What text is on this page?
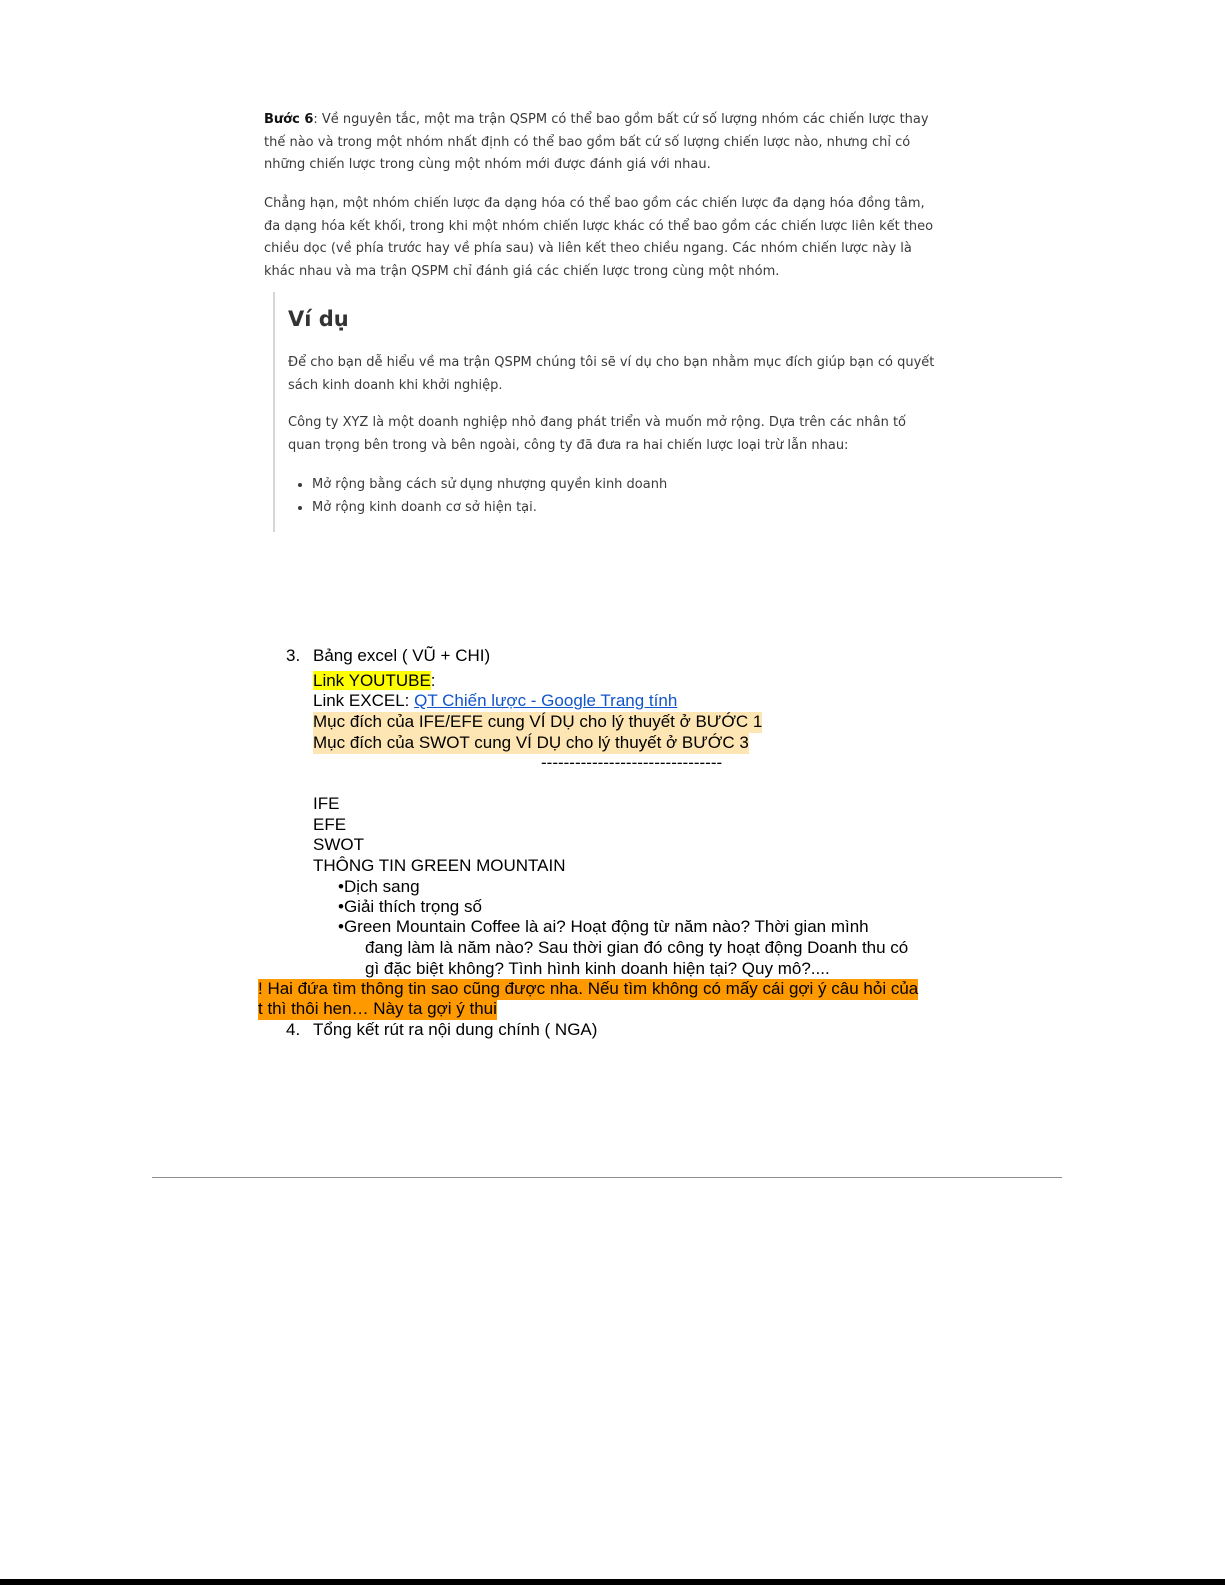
Bước 6: Về nguyên tắc, một ma trận QSPM có thể bao gồm bất cứ số lượng nhóm các chiến lược thay thế nào và trong một nhóm nhất định có thể bao gồm bất cứ số lượng chiến lược nào, nhưng chỉ có những chiến lược trong cùng một nhóm mới được đánh giá với nhau.

Chẳng hạn, một nhóm chiến lược đa dạng hóa có thể bao gồm các chiến lược đa dạng hóa đồng tâm, đa dạng hóa kết khối, trong khi một nhóm chiến lược khác có thể bao gồm các chiến lược liên kết theo chiều dọc (về phía trước hay về phía sau) và liên kết theo chiều ngang. Các nhóm chiến lược này là khác nhau và ma trận QSPM chỉ đánh giá các chiến lược trong cùng một nhóm.

Ví dụ

Để cho bạn dễ hiểu về ma trận QSPM chúng tôi sẽ ví dụ cho bạn nhằm mục đích giúp bạn có quyết sách kinh doanh khi khởi nghiệp.

Công ty XYZ là một doanh nghiệp nhỏ đang phát triển và muốn mở rộng. Dựa trên các nhân tố quan trọng bên trong và bên ngoài, công ty đã đưa ra hai chiến lược loại trừ lẫn nhau:

• Mở rộng bằng cách sử dụng nhượng quyền kinh doanh
• Mở rộng kinh doanh cơ sở hiện tại.
3. Bảng excel ( VŨ + CHI)
Link YOUTUBE:
Link EXCEL: QT Chiến lược - Google Trang tính
Mục đích của IFE/EFE cung VÍ DỤ cho lý thuyết ở BƯỚC 1
Mục đích của SWOT cung VÍ DỤ cho lý thuyết ở BƯỚC 3
--------------------------------
IFE
EFE
SWOT
THÔNG TIN GREEN MOUNTAIN
•Dịch sang
•Giải thích trọng số
•Green Mountain Coffee là ai? Hoạt động từ năm nào? Thời gian mình
đang làm là năm nào? Sau thời gian đó công ty hoạt động Doanh thu có
gì đặc biệt không? Tình hình kinh doanh hiện tại? Quy mô?....
! Hai đứa tìm thông tin sao cũng được nha. Nếu tìm không có mấy cái gợi ý câu hỏi của
t thì thôi hen… Này ta gợi ý thui
4. Tổng kết rút ra nội dung chính ( NGA)
